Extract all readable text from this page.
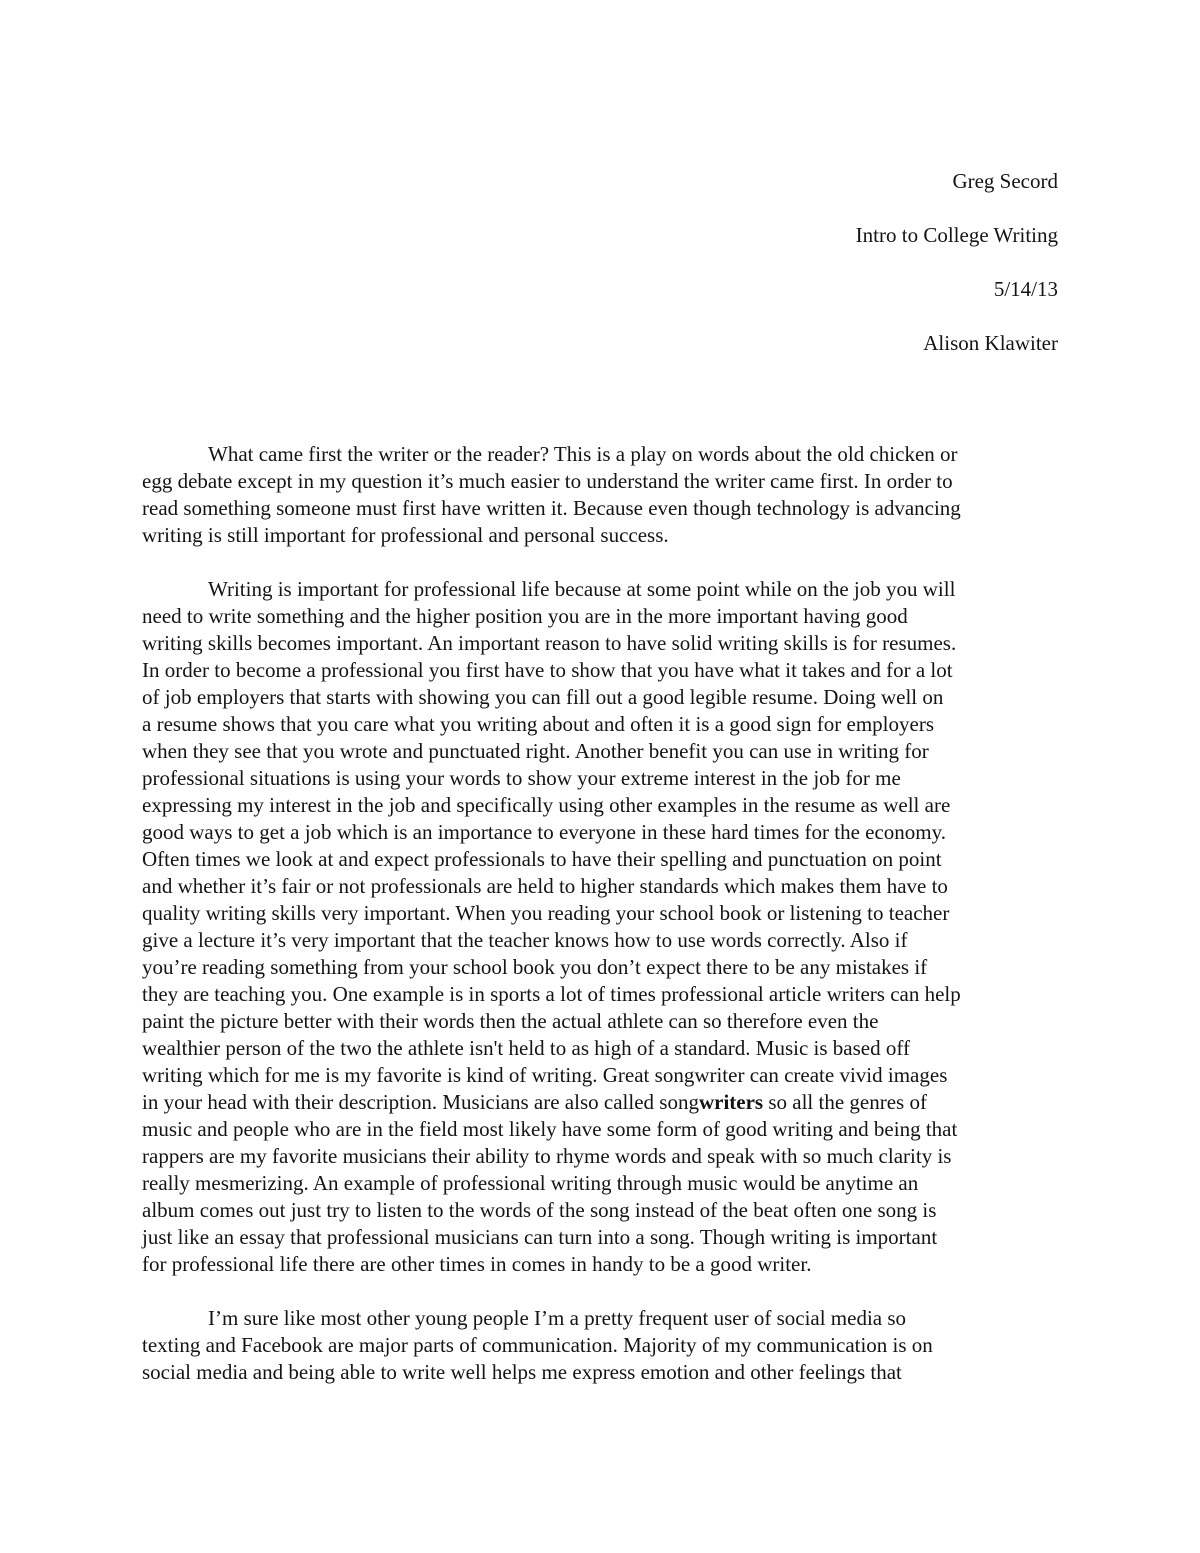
Greg Secord
Intro to College Writing
5/14/13
Alison Klawiter
What came first the writer or the reader? This is a play on words about the old chicken or
egg debate except in my question it’s much easier to understand the writer came first. In order to
read something someone must first have written it. Because even though technology is advancing
writing is still important for professional and personal success.
Writing is important for professional life because at some point while on the job you will
need to write something and the higher position you are in the more important having good
writing skills becomes important. An important reason to have solid writing skills is for resumes.
In order to become a professional you first have to show that you have what it takes and for a lot
of job employers that starts with showing you can fill out a good legible resume. Doing well on
a resume shows that you care what you writing about and often it is a good sign for employers
when they see that you wrote and punctuated right. Another benefit you can use in writing for
professional situations is using your words to show your extreme interest in the job for me
expressing my interest in the job and specifically using other examples in the resume as well are
good ways to get a job which is an importance to everyone in these hard times for the economy.
Often times we look at and expect professionals to have their spelling and punctuation on point
and whether it’s fair or not professionals are held to higher standards which makes them have to
quality writing skills very important. When you reading your school book or listening to teacher
give a lecture it’s very important that the teacher knows how to use words correctly. Also if
you’re reading something from your school book you don’t expect there to be any mistakes if
they are teaching you. One example is in sports a lot of times professional article writers can help
paint the picture better with their words then the actual athlete can so therefore even the
wealthier person of the two the athlete isn't held to as high of a standard. Music is based off
writing which for me is my favorite is kind of writing. Great songwriter can create vivid images
in your head with their description. Musicians are also called songwriters so all the genres of
music and people who are in the field most likely have some form of good writing and being that
rappers are my favorite musicians their ability to rhyme words and speak with so much clarity is
really mesmerizing. An example of professional writing through music would be anytime an
album comes out just try to listen to the words of the song instead of the beat often one song is
just like an essay that professional musicians can turn into a song. Though writing is important
for professional life there are other times in comes in handy to be a good writer.
I’m sure like most other young people I’m a pretty frequent user of social media so
texting and Facebook are major parts of communication. Majority of my communication is on
social media and being able to write well helps me express emotion and other feelings that
